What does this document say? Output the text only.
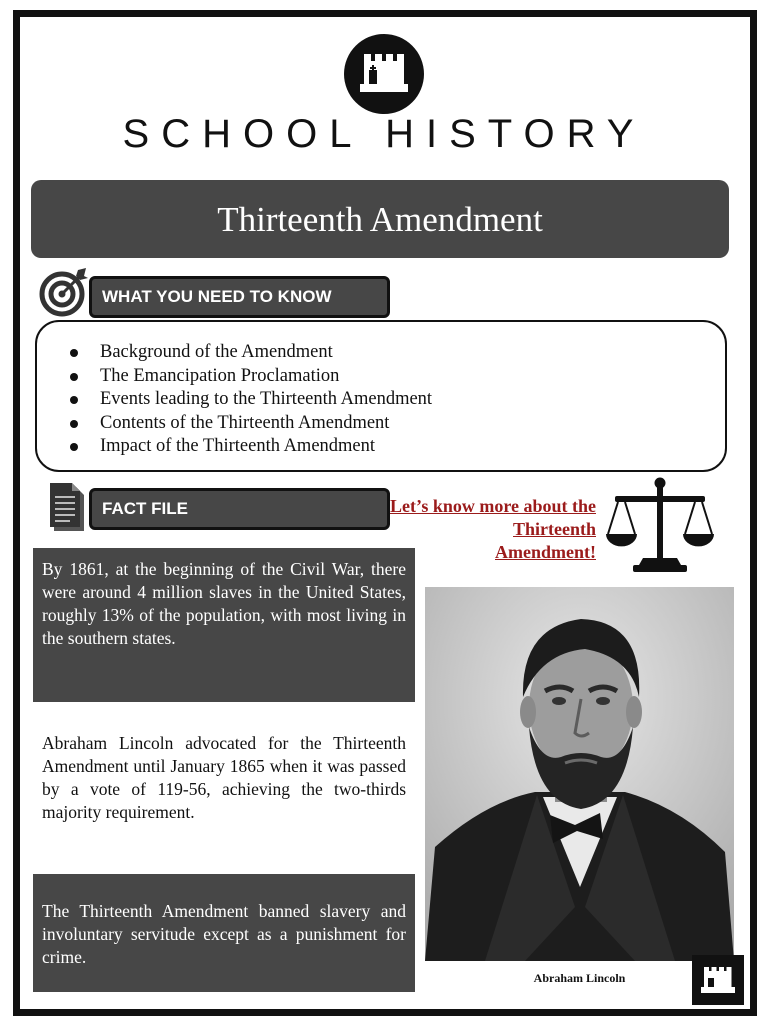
SCHOOL HISTORY
Thirteenth Amendment
WHAT YOU NEED TO KNOW
Background of the Amendment
The Emancipation Proclamation
Events leading to the Thirteenth Amendment
Contents of the Thirteenth Amendment
Impact of the Thirteenth Amendment
FACT FILE	Let’s know more about the
Thirteenth
Amendment!
By 1861, at the beginning of the Civil War, there were around 4 million slaves in the United States, roughly 13% of the population, with most living in the southern states.
Abraham Lincoln advocated for the Thirteenth Amendment until January 1865 when it was passed by a vote of 119-56, achieving the two-thirds majority requirement.
The Thirteenth Amendment banned slavery and involuntary servitude except as a punishment for crime.
Abraham Lincoln
